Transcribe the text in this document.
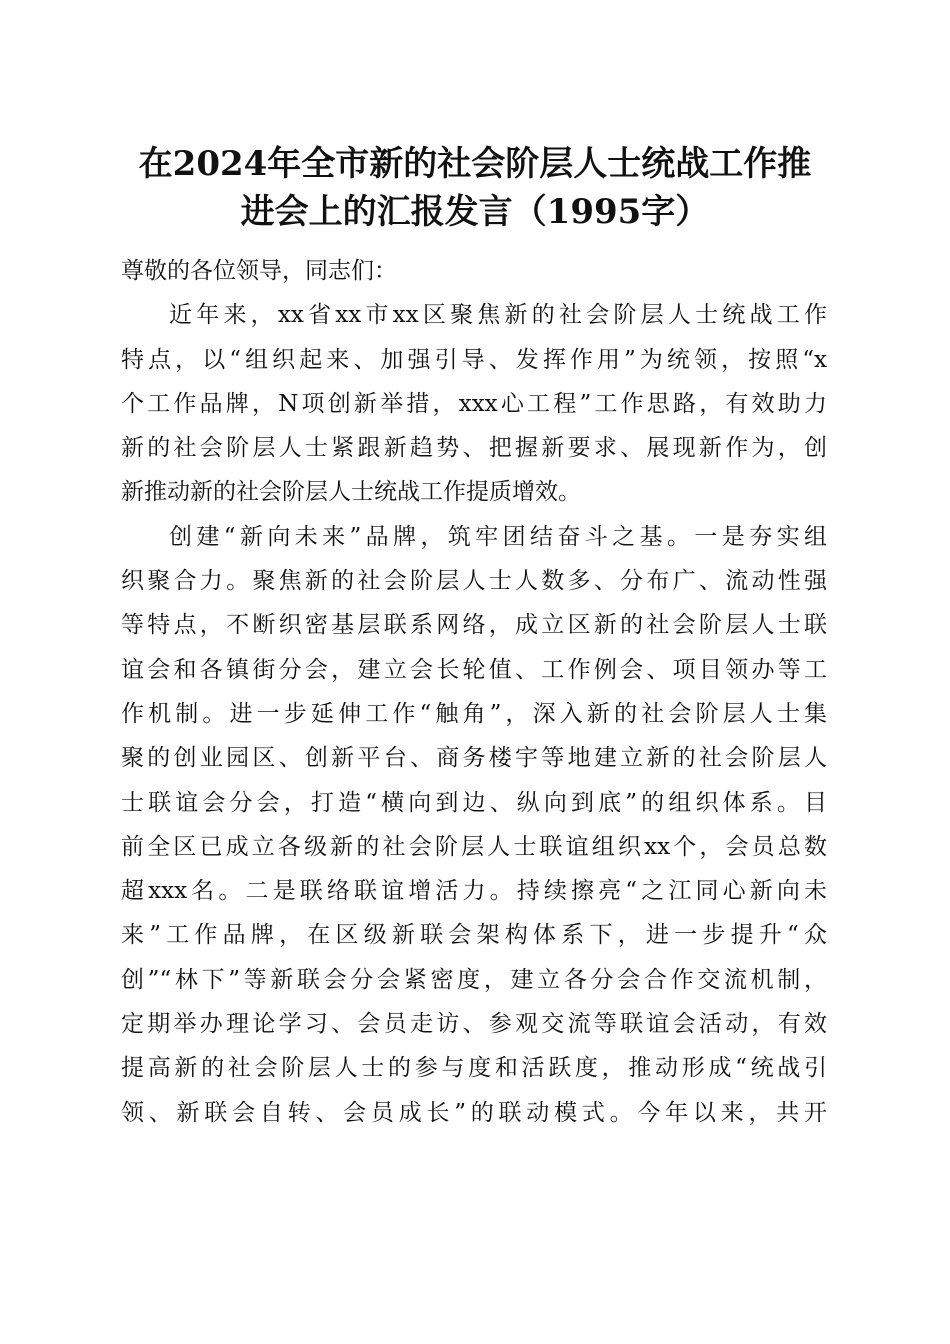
在2024年全市新的社会阶层人士统战工作推
进会上的汇报发言（1995字）
尊敬的各位领导，同志们：
近年来，xx省xx市xx区聚焦新的社会阶层人士统战工作
特点，以“组织起来、加强引导、发挥作用”为统领，按照“x
个工作品牌，N项创新举措，xxx心工程”工作思路，有效助力
新的社会阶层人士紧跟新趋势、把握新要求、展现新作为，创
新推动新的社会阶层人士统战工作提质增效。
创建“新向未来”品牌，筑牢团结奋斗之基。一是夯实组
织聚合力。聚焦新的社会阶层人士人数多、分布广、流动性强
等特点，不断织密基层联系网络，成立区新的社会阶层人士联
谊会和各镇街分会，建立会长轮值、工作例会、项目领办等工
作机制。进一步延伸工作“触角”，深入新的社会阶层人士集
聚的创业园区、创新平台、商务楼宇等地建立新的社会阶层人
士联谊会分会，打造“横向到边、纵向到底”的组织体系。目
前全区已成立各级新的社会阶层人士联谊组织xx个，会员总数
超xxx名。二是联络联谊增活力。持续擦亮“之江同心新向未
来”工作品牌，在区级新联会架构体系下，进一步提升“众
创”“林下”等新联会分会紧密度，建立各分会合作交流机制，
定期举办理论学习、会员走访、参观交流等联谊会活动，有效
提高新的社会阶层人士的参与度和活跃度，推动形成“统战引
领、新联会自转、会员成长”的联动模式。今年以来，共开
